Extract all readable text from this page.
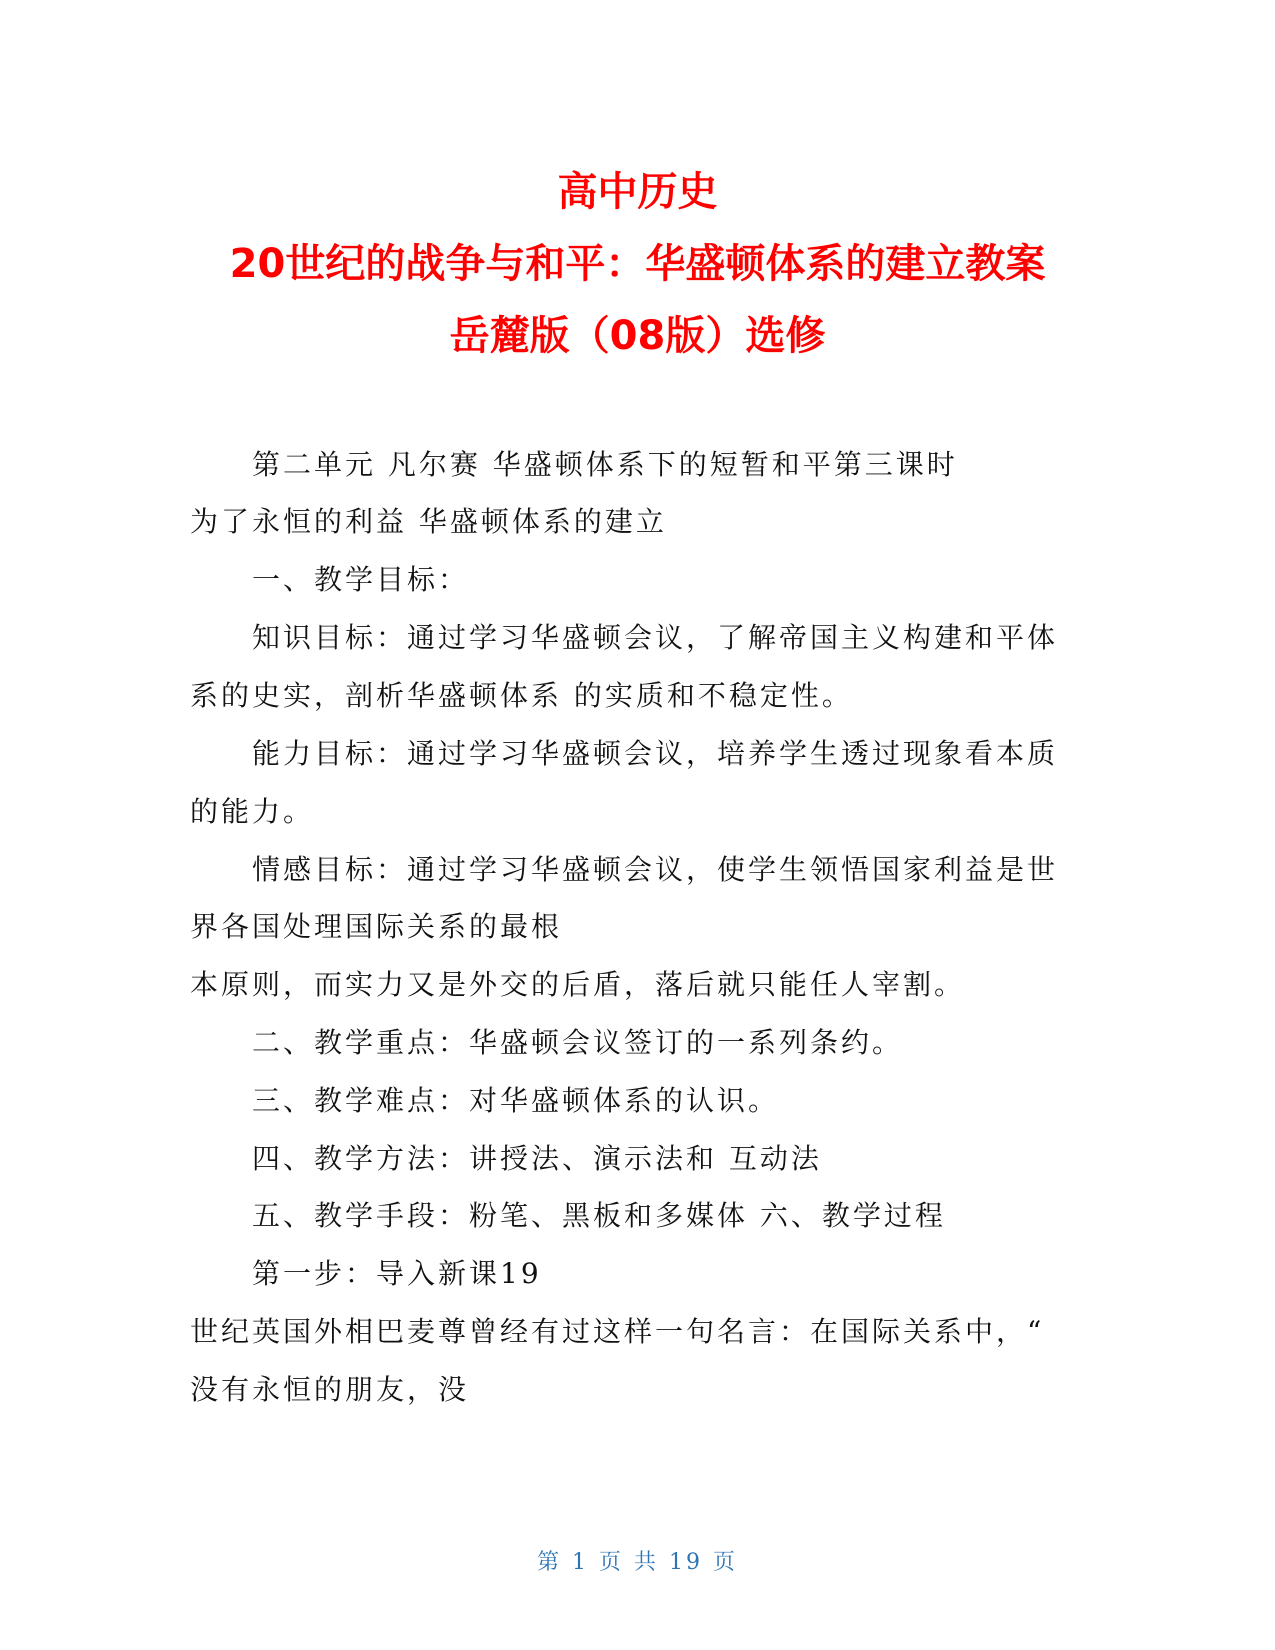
高中历史
20世纪的战争与和平：华盛顿体系的建立教案
岳麓版（08版）选修
第二单元 凡尔赛 华盛顿体系下的短暂和平第三课时
为了永恒的利益 华盛顿体系的建立
一、教学目标：
知识目标：通过学习华盛顿会议，了解帝国主义构建和平体
系的史实，剖析华盛顿体系 的实质和不稳定性。
能力目标：通过学习华盛顿会议，培养学生透过现象看本质
的能力。
情感目标：通过学习华盛顿会议，使学生领悟国家利益是世
界各国处理国际关系的最根
本原则，而实力又是外交的后盾，落后就只能任人宰割。
二、教学重点：华盛顿会议签订的一系列条约。
三、教学难点：对华盛顿体系的认识。
四、教学方法：讲授法、演示法和 互动法
五、教学手段：粉笔、黑板和多媒体 六、教学过程
第一步：导入新课19
世纪英国外相巴麦尊曾经有过这样一句名言：在国际关系中，“
没有永恒的朋友，没
第 1 页 共 19 页
